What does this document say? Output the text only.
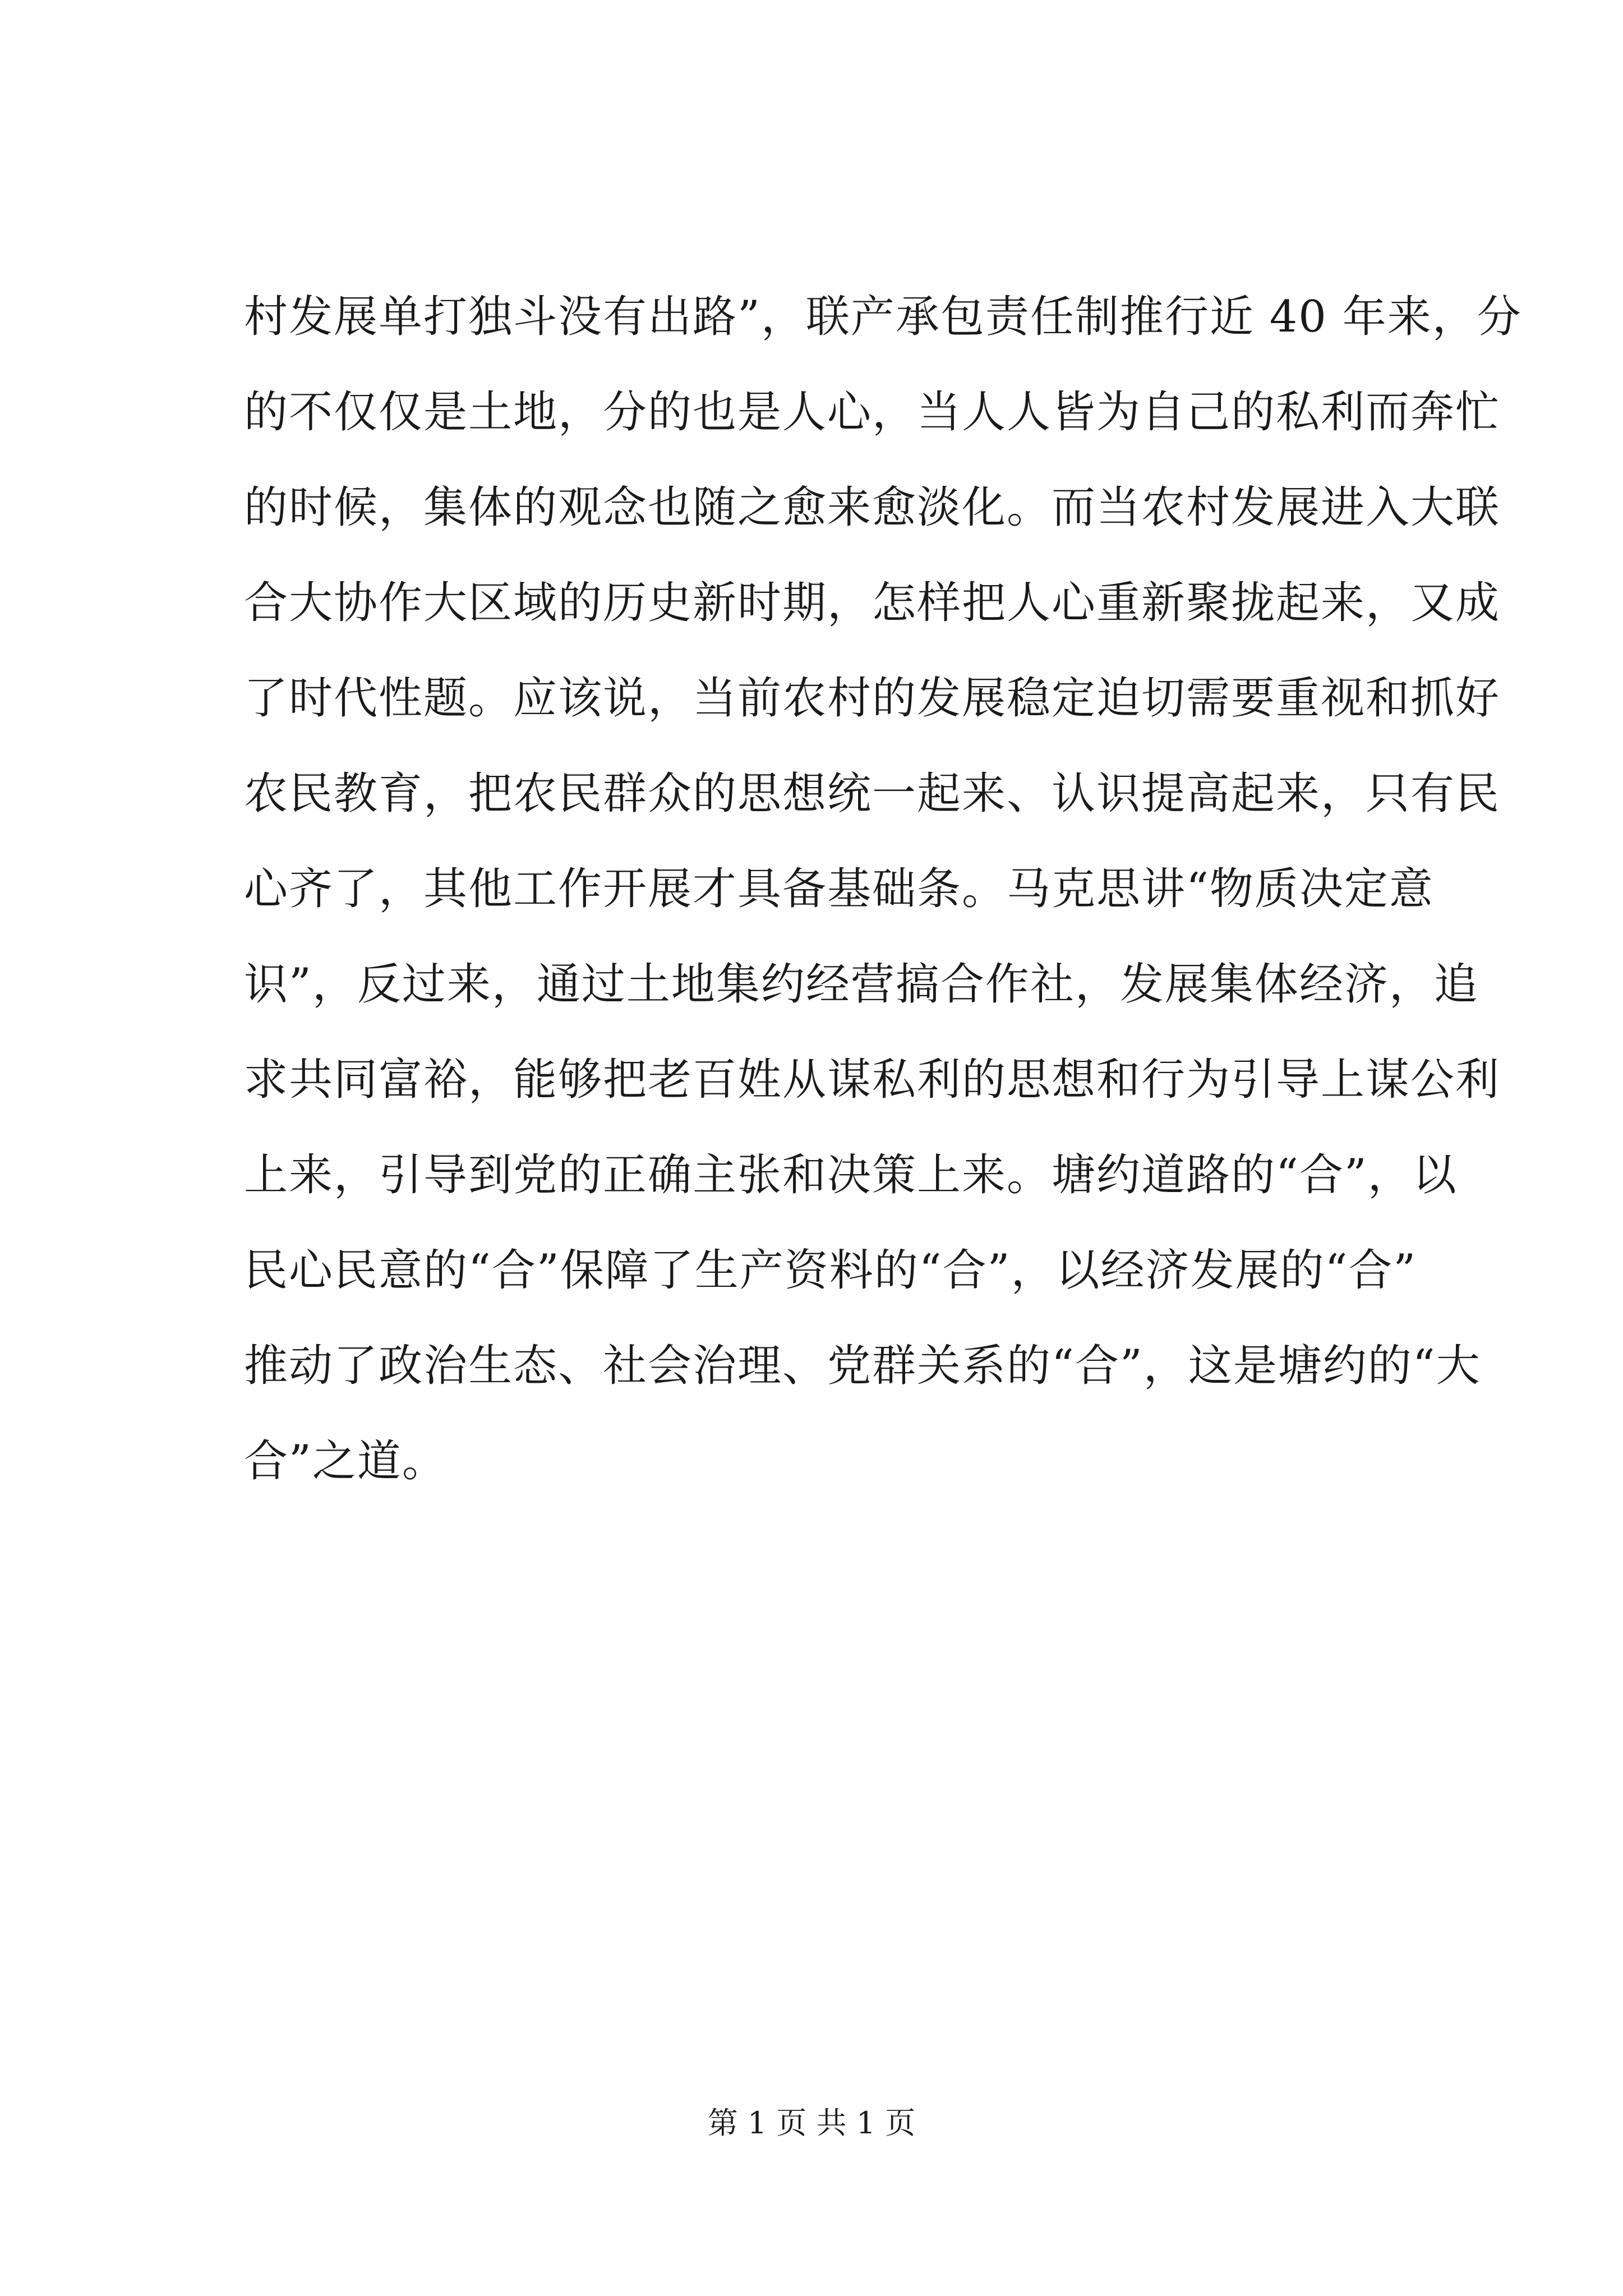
村发展单打独斗没有出路”，联产承包责任制推行近 40 年来，分
的不仅仅是土地，分的也是人心，当人人皆为自己的私利而奔忙
的时候，集体的观念也随之愈来愈淡化。而当农村发展进入大联
合大协作大区域的历史新时期，怎样把人心重新聚拢起来，又成
了时代性题。应该说，当前农村的发展稳定迫切需要重视和抓好
农民教育，把农民群众的思想统一起来、认识提高起来，只有民
心齐了，其他工作开展才具备基础条。马克思讲“物质决定意
识”，反过来，通过土地集约经营搞合作社，发展集体经济，追
求共同富裕，能够把老百姓从谋私利的思想和行为引导上谋公利
上来，引导到党的正确主张和决策上来。塘约道路的“合”，以
民心民意的“合”保障了生产资料的“合”，以经济发展的“合”
推动了政治生态、社会治理、党群关系的“合”，这是塘约的“大
合”之道。
第 1 页 共 1 页
